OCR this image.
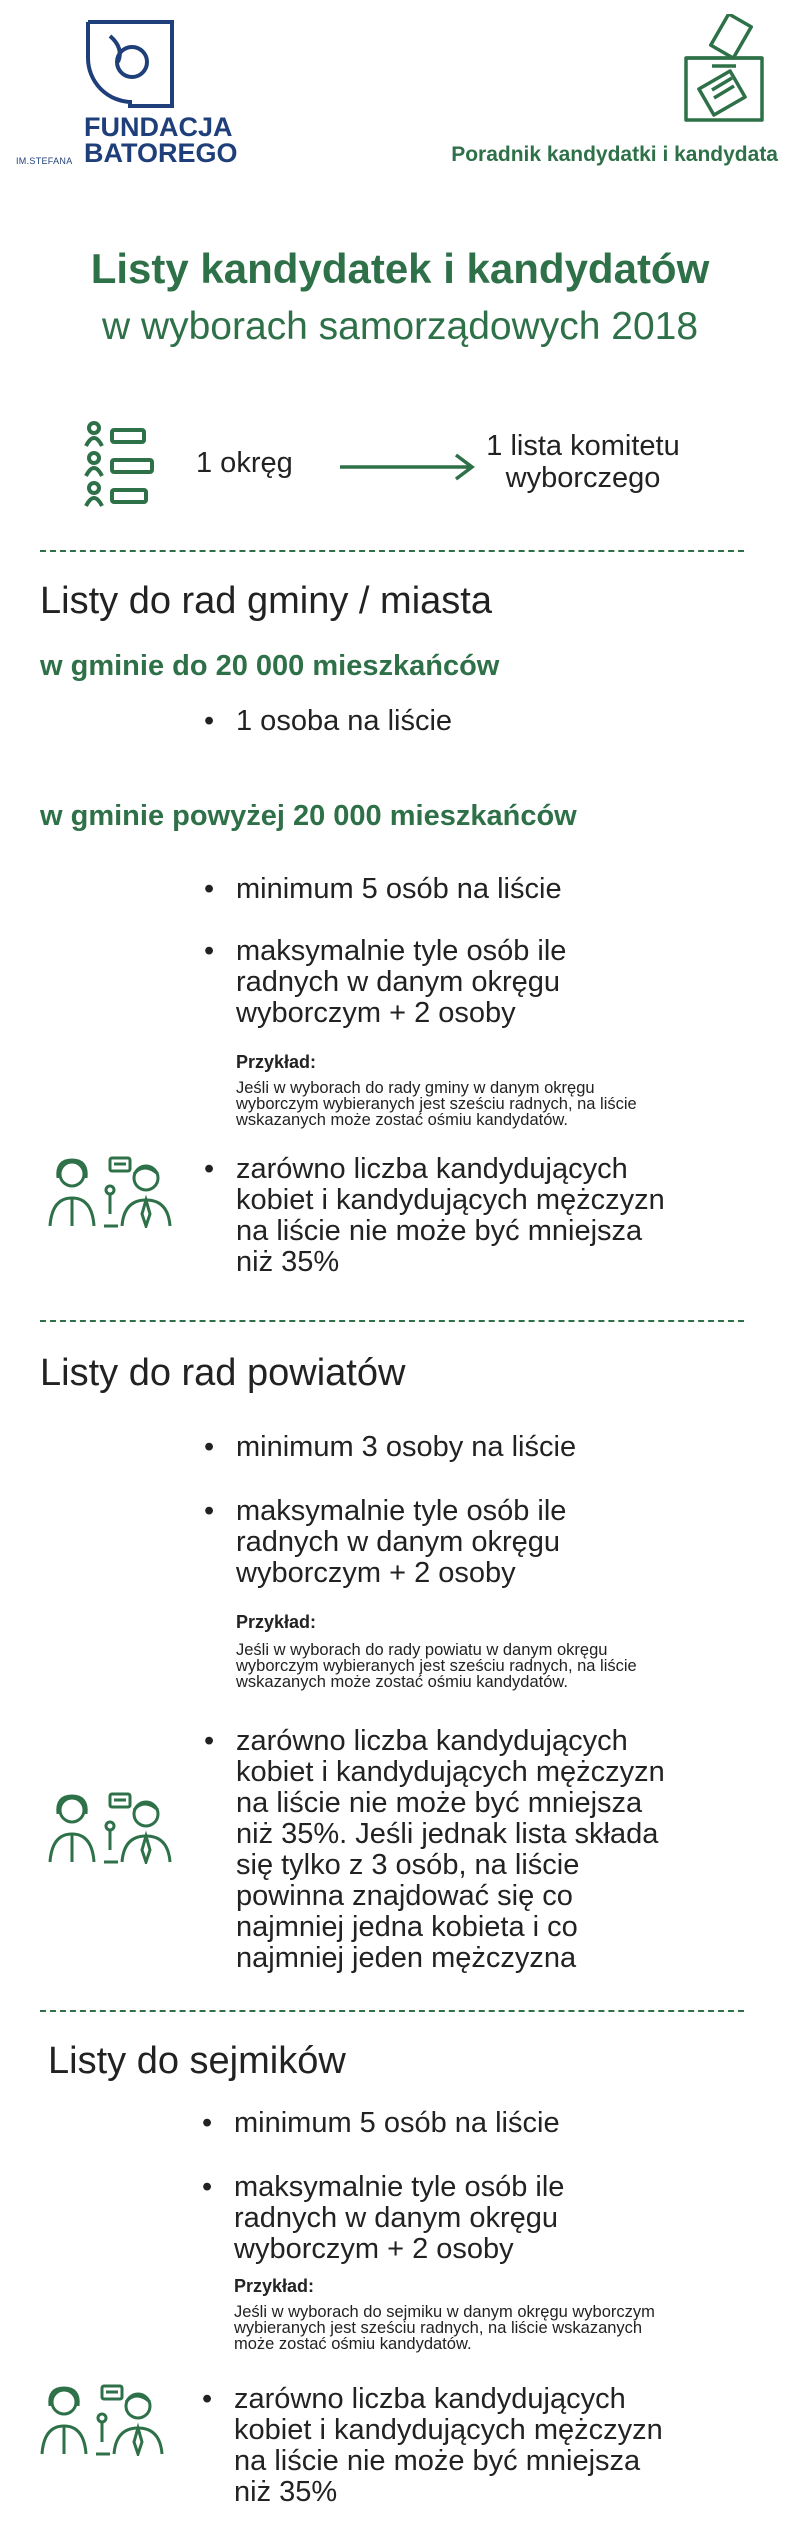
IM.STEFANA
FUNDACJA
BATOREGO	Poradnik kandydatki i kandydata
Listy kandydatek i kandydatów
w wyborach samorządowych 2018
1 okręg
1 lista komitetu
wyborczego
Listy do rad gminy / miasta
w gminie do 20 000 mieszkańców
• 1 osoba na liście
w gminie powyżej 20 000 mieszkańców
• minimum 5 osób na liście
• maksymalnie tyle osób ile
radnych w danym okręgu
wyborczym + 2 osoby
Przykład:
Jeśli w wyborach do rady gminy w danym okręgu
wyborczym wybieranych jest sześciu radnych, na liście
wskazanych może zostać ośmiu kandydatów.
• zarówno liczba kandydujących
kobiet i kandydujących mężczyzn
na liście nie może być mniejsza
niż 35%
Listy do rad powiatów
• minimum 3 osoby na liście
• maksymalnie tyle osób ile
radnych w danym okręgu
wyborczym + 2 osoby
Przykład:
Jeśli w wyborach do rady powiatu w danym okręgu
wyborczym wybieranych jest sześciu radnych, na liście
wskazanych może zostać ośmiu kandydatów.
• zarówno liczba kandydujących
kobiet i kandydujących mężczyzn
na liście nie może być mniejsza
niż 35%. Jeśli jednak lista składa
się tylko z 3 osób, na liście
powinna znajdować się co
najmniej jedna kobieta i co
najmniej jeden mężczyzna
Listy do sejmików
• minimum 5 osób na liście
• maksymalnie tyle osób ile
radnych w danym okręgu
wyborczym + 2 osoby
Przykład:
Jeśli w wyborach do sejmiku w danym okręgu wyborczym
wybieranych jest sześciu radnych, na liście wskazanych
może zostać ośmiu kandydatów.
• zarówno liczba kandydujących
kobiet i kandydujących mężczyzn
na liście nie może być mniejsza
niż 35%
